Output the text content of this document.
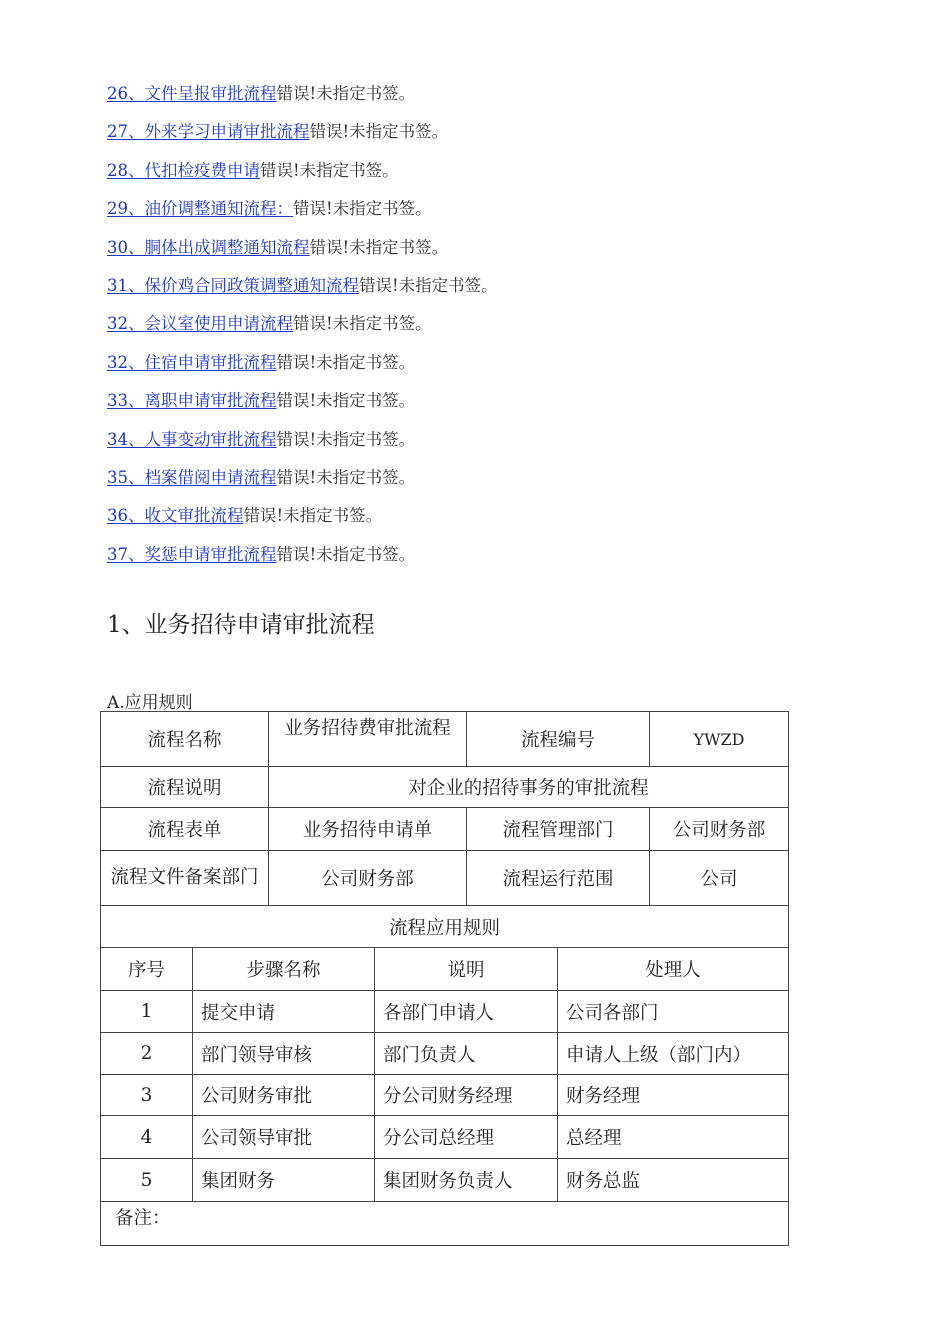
26、文件呈报审批流程错误!未指定书签。
27、外来学习申请审批流程错误!未指定书签。
28、代扣检疫费申请错误!未指定书签。
29、油价调整通知流程：错误!未指定书签。
30、胴体出成调整通知流程错误!未指定书签。
31、保价鸡合同政策调整通知流程错误!未指定书签。
32、会议室使用申请流程错误!未指定书签。
32、住宿申请审批流程错误!未指定书签。
33、离职申请审批流程错误!未指定书签。
34、人事变动审批流程错误!未指定书签。
35、档案借阅申请流程错误!未指定书签。
36、收文审批流程错误!未指定书签。
37、奖惩申请审批流程错误!未指定书签。
1、业务招待申请审批流程
A.应用规则
流程名称	业务招待费审批流程	流程编号	YWZD
流程说明	对企业的招待事务的审批流程		
流程表单	业务招待申请单	流程管理部门	公司财务部
流程文件备案部门	公司财务部	流程运行范围	公司
流程应用规则			
序号	步骤名称	说明	处理人
1	提交申请	各部门申请人	公司各部门
2	部门领导审核	部门负责人	申请人上级（部门内）
3	公司财务审批	分公司财务经理	财务经理
4	公司领导审批	分公司总经理	总经理
5	集团财务	集团财务负责人	财务总监
备注：			
